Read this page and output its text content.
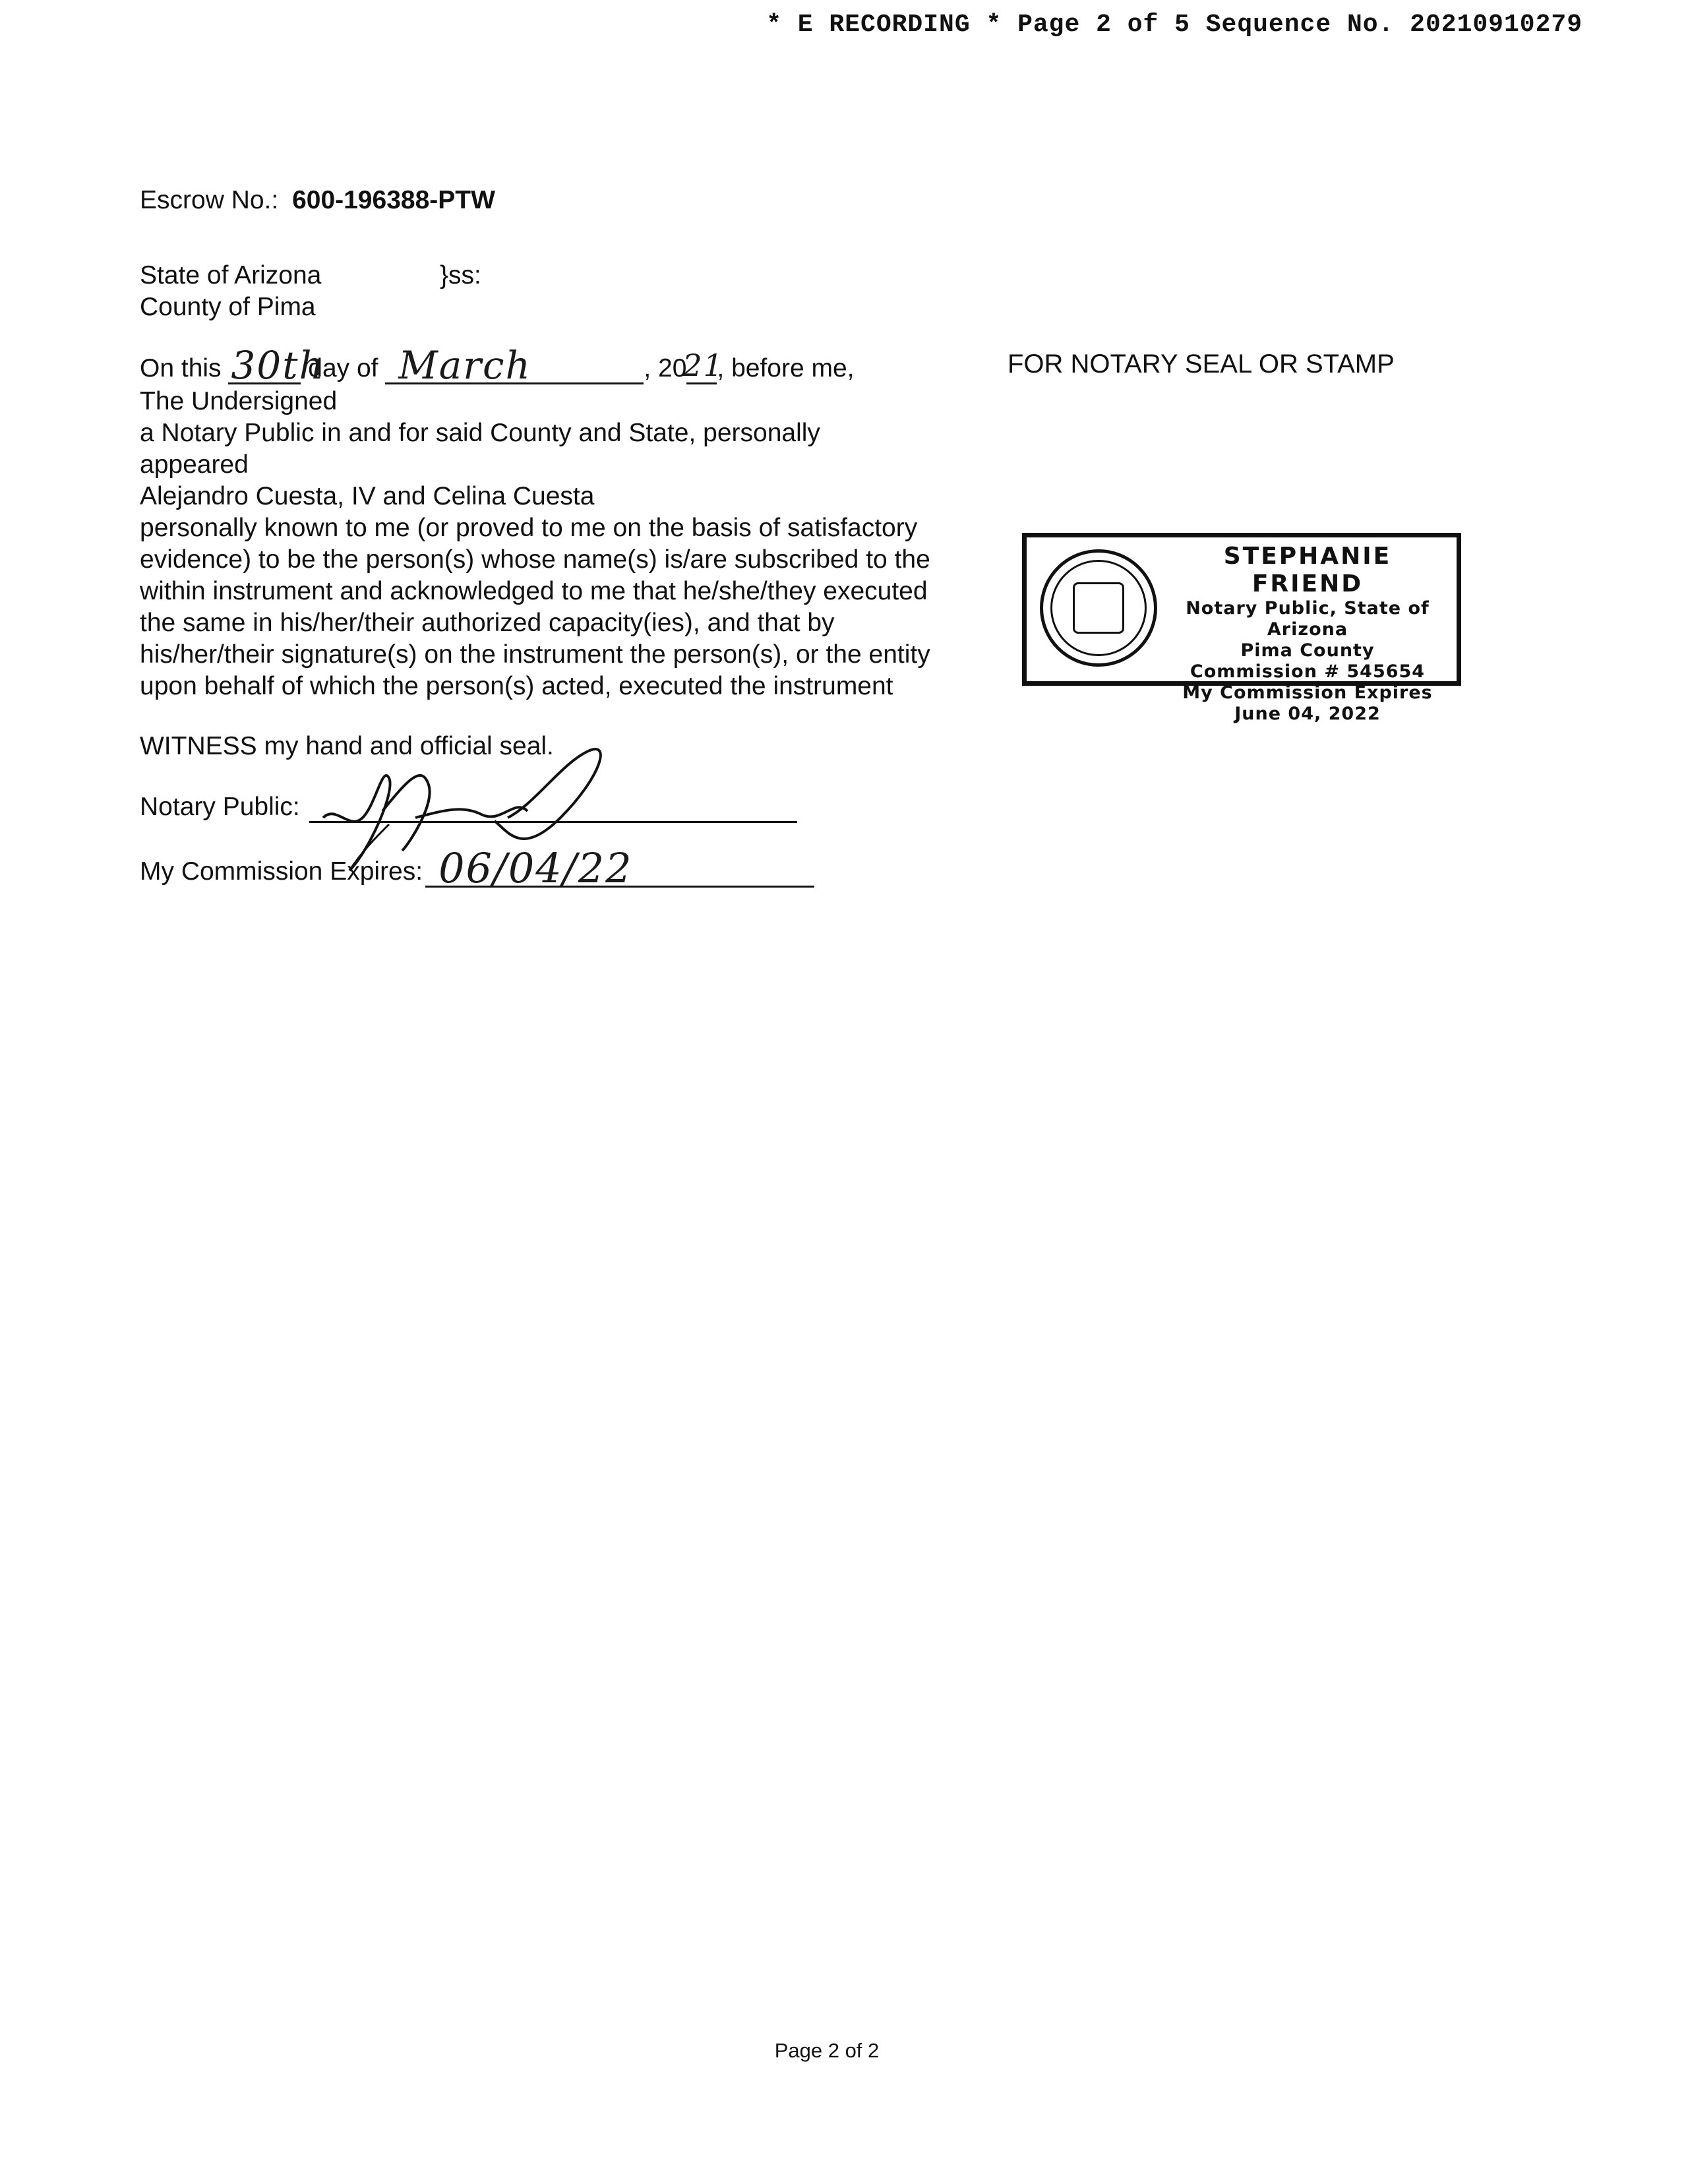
* E RECORDING * Page 2 of 5 Sequence No. 20210910279
Escrow No.: 600-196388-PTW
State of Arizona	}ss:
County of Pima
On this 30th
day of March	, 20
21
, before me,
The Undersigned
a Notary Public in and for said County and State, personally appeared
Alejandro Cuesta, IV and Celina Cuesta
personally known to me (or proved to me on the basis of satisfactory evidence) to be the person(s) whose name(s) is/are subscribed to the within instrument and acknowledged to me that he/she/they executed the same in his/her/their authorized capacity(ies), and that by his/her/their signature(s) on the instrument the person(s), or the entity upon behalf of which the person(s) acted, executed the instrument
WITNESS my hand and official seal.
Notary Public:
My Commission Expires: 06/04/22
FOR NOTARY SEAL OR STAMP
STEPHANIE FRIEND
Notary Public, State of Arizona
Pima County
Commission # 545654
My Commission Expires
June 04, 2022
Page 2 of 2
